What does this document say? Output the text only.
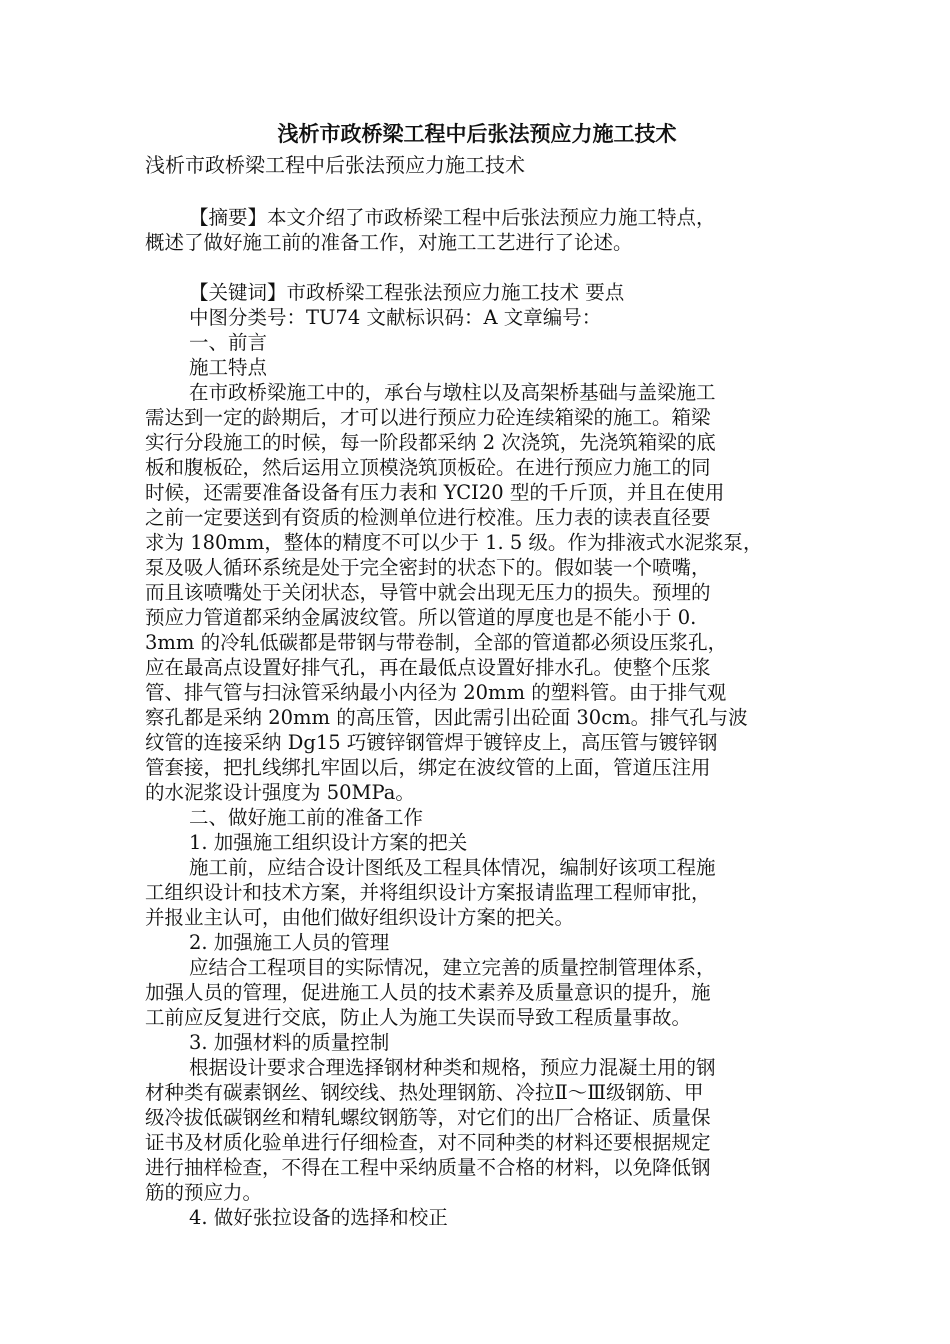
浅析市政桥梁工程中后张法预应力施工技术

浅析市政桥梁工程中后张法预应力施工技术

【摘要】本文介绍了市政桥梁工程中后张法预应力施工特点，

概述了做好施工前的准备工作，对施工工艺进行了论述。

【关键词】市政桥梁工程张法预应力施工技术 要点

中图分类号：TU74 文献标识码：A 文章编号：

一、前言

施工特点

在市政桥梁施工中的，承台与墩柱以及高架桥基础与盖梁施工

需达到一定的龄期后，才可以进行预应力砼连续箱梁的施工。箱梁

实行分段施工的时候，每一阶段都采纳 2 次浇筑，先浇筑箱梁的底

板和腹板砼，然后运用立顶模浇筑顶板砼。在进行预应力施工的同

时候，还需要准备设备有压力表和 YCI20 型的千斤顶，并且在使用

之前一定要送到有资质的检测单位进行校准。压力表的读表直径要

求为 180mm，整体的精度不可以少于 1. 5 级。作为排液式水泥浆泵，

泵及吸人循环系统是处于完全密封的状态下的。假如装一个喷嘴，

而且该喷嘴处于关闭状态，导管中就会出现无压力的损失。预埋的

预应力管道都采纳金属波纹管。所以管道的厚度也是不能小于 0.

3mm 的冷轧低碳都是带钢与带卷制，全部的管道都必须设压浆孔，

应在最高点设置好排气孔，再在最低点设置好排水孔。使整个压浆

管、排气管与扫泳管采纳最小内径为 20mm 的塑料管。由于排气观

察孔都是采纳 20mm 的高压管，因此需引出砼面 30cm。排气孔与波

纹管的连接采纳 Dg15 巧镀锌钢管焊于镀锌皮上，高压管与镀锌钢

管套接，把扎线绑扎牢固以后，绑定在波纹管的上面，管道压注用

的水泥浆设计强度为 50MPa。

二、做好施工前的准备工作

1. 加强施工组织设计方案的把关

施工前，应结合设计图纸及工程具体情况，编制好该项工程施

工组织设计和技术方案，并将组织设计方案报请监理工程师审批，

并报业主认可，由他们做好组织设计方案的把关。

2. 加强施工人员的管理

应结合工程项目的实际情况，建立完善的质量控制管理体系，

加强人员的管理，促进施工人员的技术素养及质量意识的提升，施

工前应反复进行交底，防止人为施工失误而导致工程质量事故。

3. 加强材料的质量控制

根据设计要求合理选择钢材种类和规格，预应力混凝土用的钢

材种类有碳素钢丝、钢绞线、热处理钢筋、冷拉Ⅱ～Ⅲ级钢筋、甲

级冷拔低碳钢丝和精轧螺纹钢筋等，对它们的出厂合格证、质量保

证书及材质化验单进行仔细检查，对不同种类的材料还要根据规定

进行抽样检查，不得在工程中采纳质量不合格的材料，以免降低钢

筋的预应力。

4. 做好张拉设备的选择和校正
